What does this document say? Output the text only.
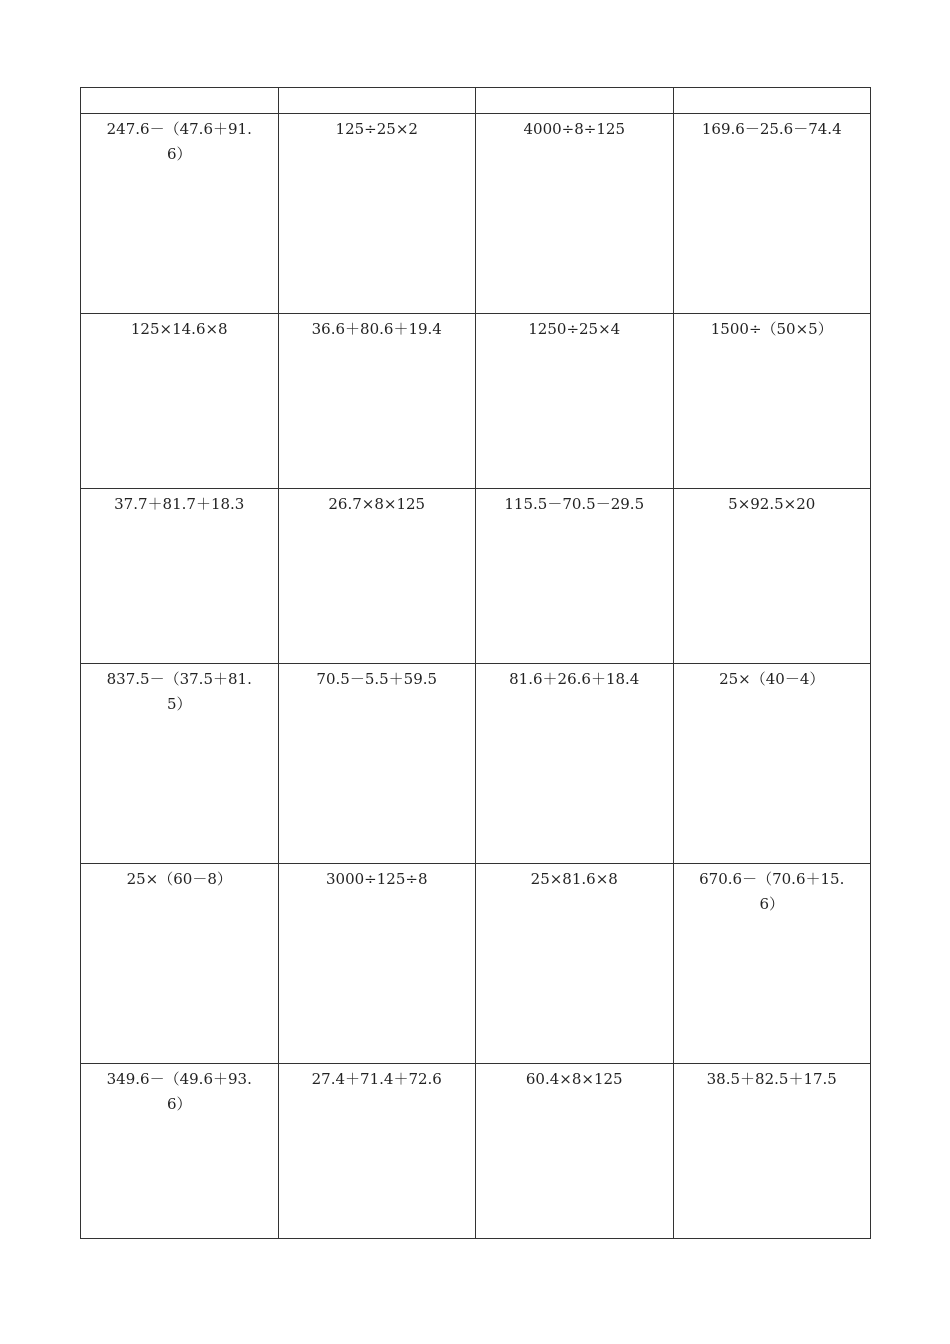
247.6－（47.6＋91.6）	125÷25×2	4000÷8÷125	169.6－25.6－74.4
125×14.6×8	36.6＋80.6＋19.4	1250÷25×4	1500÷（50×5）
37.7＋81.7＋18.3	26.7×8×125	115.5－70.5－29.5	5×92.5×20
837.5－（37.5＋81.5）	70.5－5.5＋59.5	81.6＋26.6＋18.4	25×（40－4）
25×（60－8）	3000÷125÷8	25×81.6×8	670.6－（70.6＋15.6）
349.6－（49.6＋93.6）	27.4＋71.4＋72.6	60.4×8×125	38.5＋82.5＋17.5
